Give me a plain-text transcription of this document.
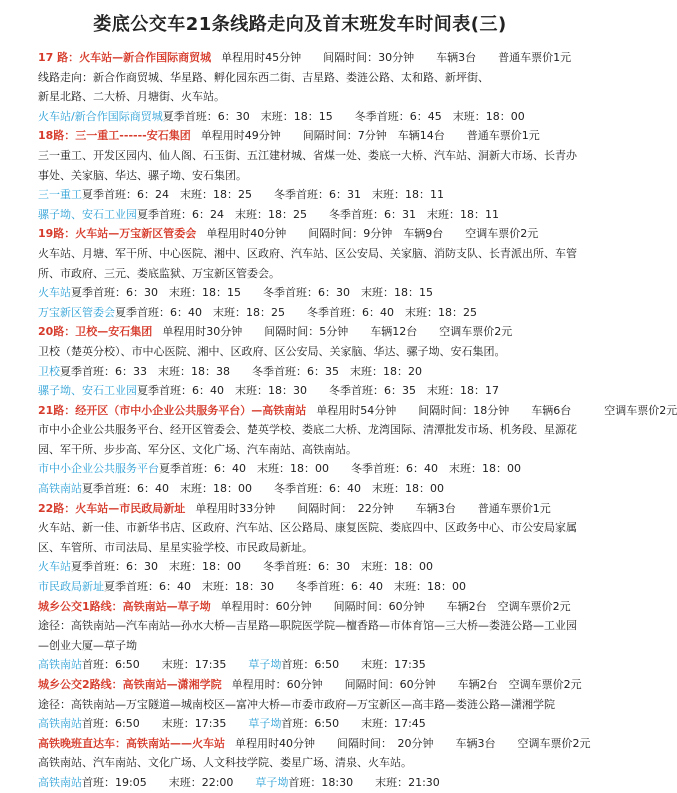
娄底公交车21条线路走向及首末班发车时间表(三)
17 路：火车站—新合作国际商贸城 单程用时45分钟　　间隔时间：30分钟　　车辆3台　　普通车票价1元
线路走向：新合作商贸城、华星路、孵化园东西二街、吉星路、娄涟公路、太和路、新坪街、
新星北路、二大桥、月塘街、火车站。
火车站/新合作国际商贸城夏季首班：6：30　末班：18：15　　冬季首班：6：45　末班：18：00
18路：三一重工------安石集团 单程用时49分钟　　间隔时间：7分钟　车辆14台　　普通车票价1元
三一重工、开发区园内、仙人阁、石玉街、五江建材城、省煤一处、娄底一大桥、汽车站、洞新大市场、长青办
事处、关家脑、华达、骡子坳、安石集团。
三一重工夏季首班：6：24　末班：18：25　　冬季首班：6：31　末班：18：11
骡子坳、安石工业园夏季首班：6：24　末班：18：25　　冬季首班：6：31　末班：18：11
19路：火车站—万宝新区管委会 单程用时40分钟　　间隔时间：9分钟　车辆9台　　空调车票价2元
火车站、月塘、军干所、中心医院、湘中、区政府、汽车站、区公安局、关家脑、消防支队、长青派出所、车管
所、市政府、三元、娄底监狱、万宝新区管委会。
火车站夏季首班：6：30　末班：18：15　　冬季首班：6：30　末班：18：15
万宝新区管委会夏季首班：6：40　末班：18：25　　冬季首班：6：40　末班：18：25
20路：卫校—安石集团 单程用时30分钟　　间隔时间：5分钟　　车辆12台　　空调车票价2元
卫校（楚英分校）、市中心医院、湘中、区政府、区公安局、关家脑、华达、骡子坳、安石集团。
卫校夏季首班：6：33　末班：18：38　　冬季首班：6：35　末班：18：20
骡子坳、安石工业园夏季首班：6：40　末班：18：30　　冬季首班：6：35　末班：18：17
21路：经开区（市中小企业公共服务平台）—高铁南站 单程用时54分钟　　间隔时间：18分钟　　车辆6台　　　空调车票价2元
市中小企业公共服务平台、经开区管委会、楚英学校、娄底二大桥、龙湾国际、清潭批发市场、机务段、星源花
园、军干所、步步高、军分区、文化广场、汽车南站、高铁南站。
市中小企业公共服务平台夏季首班：6：40　末班：18：00　　冬季首班：6：40　末班：18：00
高铁南站夏季首班：6：40　末班：18：00　　冬季首班：6：40　末班：18：00
22路：火车站—市民政局新址 单程用时33分钟　　间隔时间：　22分钟　　车辆3台　　普通车票价1元
火车站、新一佳、市新华书店、区政府、汽车站、区公路局、康复医院、娄底四中、区政务中心、市公安局家属
区、车管所、市司法局、星星实验学校、市民政局新址。
火车站夏季首班：6：30　末班：18：00　　冬季首班：6：30　末班：18：00
市民政局新址夏季首班：6：40　末班：18：30　　冬季首班：6：40　末班：18：00
城乡公交1路线：高铁南站—草子坳 单程用时：60分钟　　间隔时间：60分钟　　车辆2台　空调车票价2元
途径：高铁南站—汽车南站—孙水大桥—吉星路—职院医学院—檀香路—市体育馆—三大桥—娄涟公路—工业园
—创业大厦—草子坳
高铁南站首班：6:50　　末班：17:35　　草子坳首班：6:50　　末班：17:35
城乡公交2路线：高铁南站—潇湘学院 单程用时：60分钟　　间隔时间：60分钟　　车辆2台　空调车票价2元
途径：高铁南站—万宝隧道—城南校区—富冲大桥—市委市政府—万宝新区—高丰路—娄涟公路—潇湘学院
高铁南站首班：6:50　　末班：17:35　　草子坳首班：6:50　　末班：17:45
高铁晚班直达车：高铁南站——火车站 单程用时40分钟　　间隔时间：　20分钟　　车辆3台　　空调车票价2元
高铁南站、汽车南站、文化广场、人文科技学院、娄星广场、清泉、火车站。
高铁南站首班：19:05　　末班：22:00　　草子坳首班：18:30　　末班：21:30
